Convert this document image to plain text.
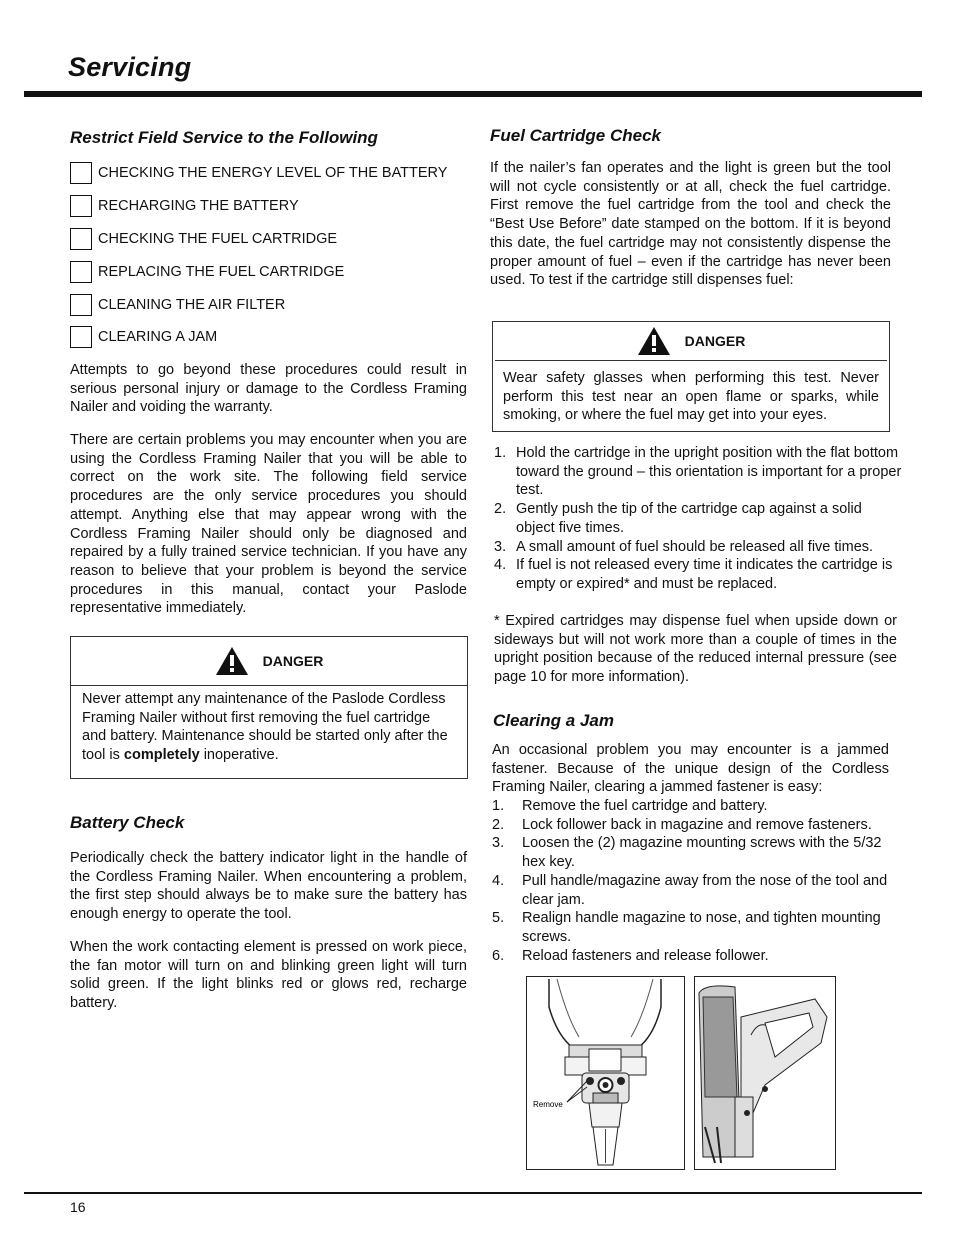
Servicing
Restrict Field Service to the Following
CHECKING THE ENERGY LEVEL OF THE BATTERY
RECHARGING THE BATTERY
CHECKING THE FUEL CARTRIDGE
REPLACING THE FUEL CARTRIDGE
CLEANING THE AIR FILTER
CLEARING A JAM

Attempts to go beyond these procedures could result in serious personal injury or damage to the Cordless Framing Nailer and voiding the warranty.

There are certain problems you may encounter when you are using the Cordless Framing Nailer that you will be able to correct on the work site. The following field service procedures are the only service procedures you should attempt. Anything else that may appear wrong with the Cordless Framing Nailer should only be diagnosed and repaired by a fully trained service technician. If you have any reason to believe that your problem is beyond the service procedures in this manual, contact your Paslode representative immediately.

DANGER
Never attempt any maintenance of the Paslode Cordless Framing Nailer without first removing the fuel cartridge and battery. Maintenance should be started only after the tool is completely inoperative.
Battery Check

Periodically check the battery indicator light in the handle of the Cordless Framing Nailer. When encountering a problem, the first step should always be to make sure the battery has enough energy to operate the tool.

When the work contacting element is pressed on work piece, the fan motor will turn on and blinking green light will turn solid green. If the light blinks red or glows red, recharge battery.

Fuel Cartridge Check

If the nailer’s fan operates and the light is green but the tool will not cycle consistently or at all, check the fuel cartridge. First remove the fuel cartridge from the tool and check the “Best Use Before” date stamped on the bottom. If it is beyond this date, the fuel cartridge may not consistently dispense the proper amount of fuel – even if the cartridge has never been used. To test if the cartridge still dispenses fuel:

DANGER
Wear safety glasses when performing this test. Never perform this test near an open flame or sparks, while smoking, or where the fuel may get into your eyes.
1. Hold the cartridge in the upright position with the flat bottom toward the ground – this orientation is important for a proper test.
2. Gently push the tip of the cartridge cap against a solid object five times.
3. A small amount of fuel should be released all five times.
4. If fuel is not released every time it indicates the cartridge is empty or expired* and must be replaced.

* Expired cartridges may dispense fuel when upside down or sideways but will not work more than a couple of times in the upright position because of the reduced internal pressure (see page 10 for more information).

Clearing a Jam

An occasional problem you may encounter is a jammed fastener. Because of the unique design of the Cordless Framing Nailer, clearing a jammed fastener is easy:

1. Remove the fuel cartridge and battery.
2. Lock follower back in magazine and remove fasteners.
3. Loosen the (2) magazine mounting screws with the 5/32 hex key.
4. Pull handle/magazine away from the nose of the tool and clear jam.
5. Realign handle magazine to nose, and tighten mounting screws.
6. Reload fasteners and release follower.
Remove
16
